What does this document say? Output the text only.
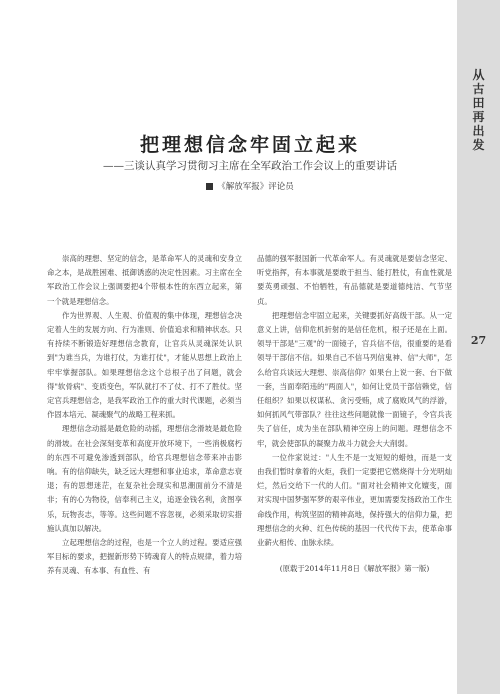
从
古
田
再
出
发
27
把理想信念牢固立起来
——三谈认真学习贯彻习主席在全军政治工作会议上的重要讲话
《解放军报》评论员

崇高的理想、坚定的信念，是革命军人的灵魂和安身立命之本，是战胜困难、抵御诱惑的决定性因素。习主席在全军政治工作会议上强调要把4个带根本性的东西立起来，第一个就是理想信念。

作为世界观、人生观、价值观的集中体现，理想信念决定着人生的发展方向、行为准则、价值追求和精神状态。只有持续不断锻造好理想信念教育，让官兵从灵魂深处认识到"为谁当兵，为谁打仗，为谁打仗"，才能从思想上政治上牢牢掌握部队。如果理想信念这个总根子出了问题，就会得"软骨病"、变质变色，军队就打不了仗、打不了胜仗。坚定官兵理想信念，是我军政治工作的重大时代课题，必须当作固本培元、凝魂聚气的战略工程来抓。

理想信念动摇是最危险的动摇，理想信念滑坡是最危险的滑坡。在社会深刻变革和高度开放环境下，一些消极腐朽的东西不可避免渗透到部队，给官兵理想信念带来冲击影响。有的信仰缺失，缺乏远大理想和事业追求，革命意志衰退；有的思想迷茫，在复杂社会现实和思潮面前分不清是非；有的心为物役，信奉利己主义，追逐金钱名利，贪图享乐，玩物丧志，等等。这些问题不容忽视，必须采取切实措施认真加以解决。

立起理想信念的过程，也是一个立人的过程。要适应强军目标的要求，把握新形势下铸魂育人的特点规律，着力培养有灵魂、有本事、有血性、有

品德的强军报国新一代革命军人。有灵魂就是要信念坚定、听党指挥，有本事就是要敢于担当、能打胜仗，有血性就是要英勇顽强、不怕牺牲，有品德就是要道德纯洁、气节坚贞。

把理想信念牢固立起来，关键要抓好高级干部。从一定意义上讲，信仰危机折射的是信任危机，根子还是在上面。领导干部是"三观"的一面镜子，官兵信不信，很重要的是看领导干部信不信。如果自己不信马列信鬼神、信"大师"，怎么给官兵谈远大理想、崇高信仰？如果台上说一套、台下做一套，当面奉陌违的"两面人"，如何让党员干部信赖党，信任组织？如果以权谋私、贪污受贿，成了腐败风气的浮游，如何抓风气带部队？往往这些问题就像一面镜子，令官兵丧失了信任，成为坐在部队精神空房上的问题。理想信念不牢，就会使部队的凝聚力战斗力就会大大削弱。

一位作家说过："人生不是一支短短的蜡烛，而是一支由我们暂时拿着的火炬，我们一定要把它燃烧得十分光明灿烂，然后交给下一代的人们。"面对社会精神文化嬗变，面对实现中国梦强军梦的艰辛伟业，更加需要发扬政治工作生命线作用，构筑坚固的精神高地，保持强大的信仰力量，把理想信念的火种、红色传统的基因一代代传下去，使革命事业薪火相传、血脉永续。

(原载于2014年11月8日《解放军报》第一版)
